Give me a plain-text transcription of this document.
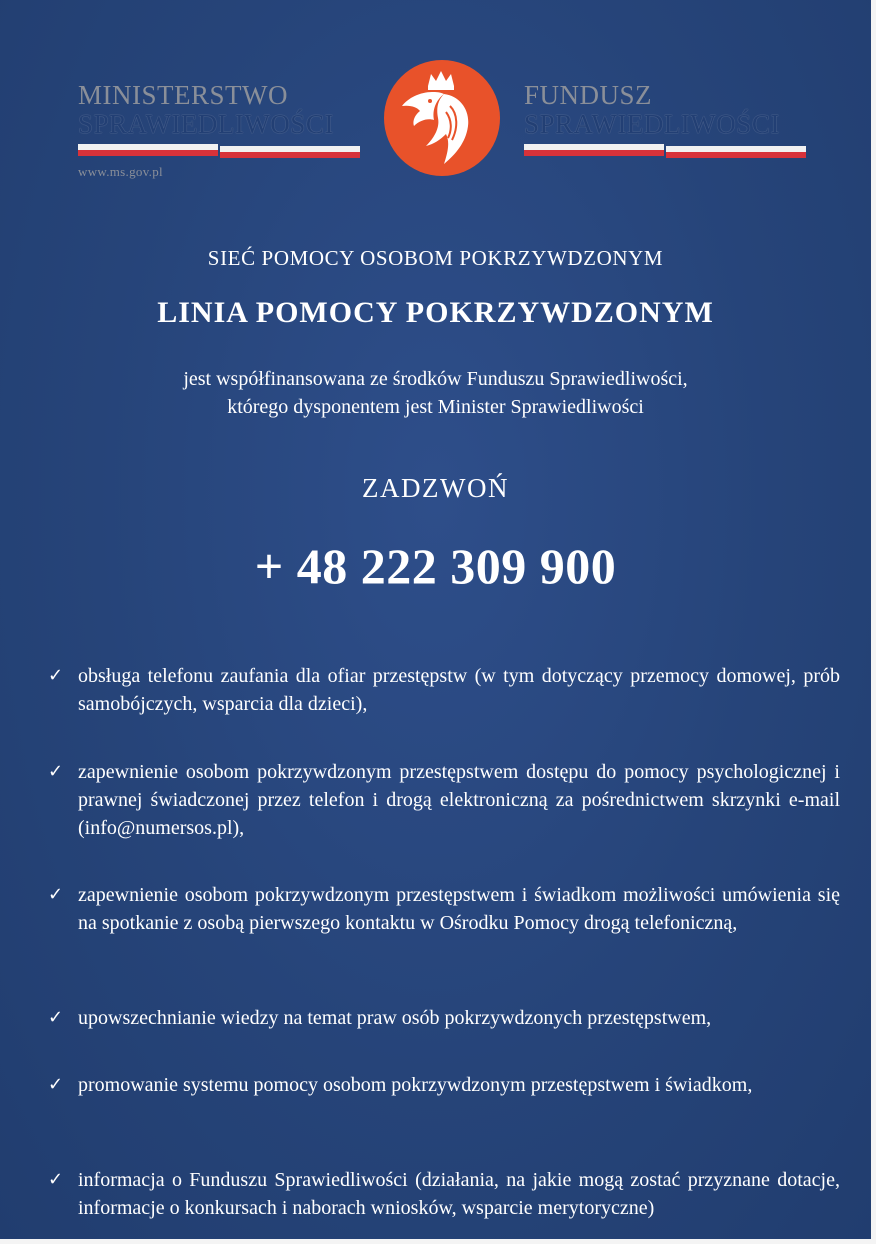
MINISTERSTWO
SPRAWIEDLIWOŚCI
www.ms.gov.pl
FUNDUSZ
SPRAWIEDLIWOŚCI
SIEĆ POMOCY OSOBOM POKRZYWDZONYM
LINIA POMOCY POKRZYWDZONYM
jest współfinansowana ze środków Funduszu Sprawiedliwości,
którego dysponentem jest Minister Sprawiedliwości
ZADZWOŃ
+ 48 222 309 900
✓ obsługa telefonu zaufania dla ofiar przestępstw (w tym dotyczący przemocy domowej, prób samobójczych, wsparcia dla dzieci),
✓ zapewnienie osobom pokrzywdzonym przestępstwem dostępu do pomocy psychologicznej i prawnej świadczonej przez telefon i drogą elektroniczną za pośrednictwem skrzynki e-mail (info@numersos.pl),
✓ zapewnienie osobom pokrzywdzonym przestępstwem i świadkom możliwości umówienia się na spotkanie z osobą pierwszego kontaktu w Ośrodku Pomocy drogą telefoniczną,
✓ upowszechnianie wiedzy na temat praw osób pokrzywdzonych przestępstwem,
✓ promowanie systemu pomocy osobom pokrzywdzonym przestępstwem i świadkom,
✓ informacja o Funduszu Sprawiedliwości (działania, na jakie mogą zostać przyznane dotacje, informacje o konkursach i naborach wniosków, wsparcie merytoryczne)
